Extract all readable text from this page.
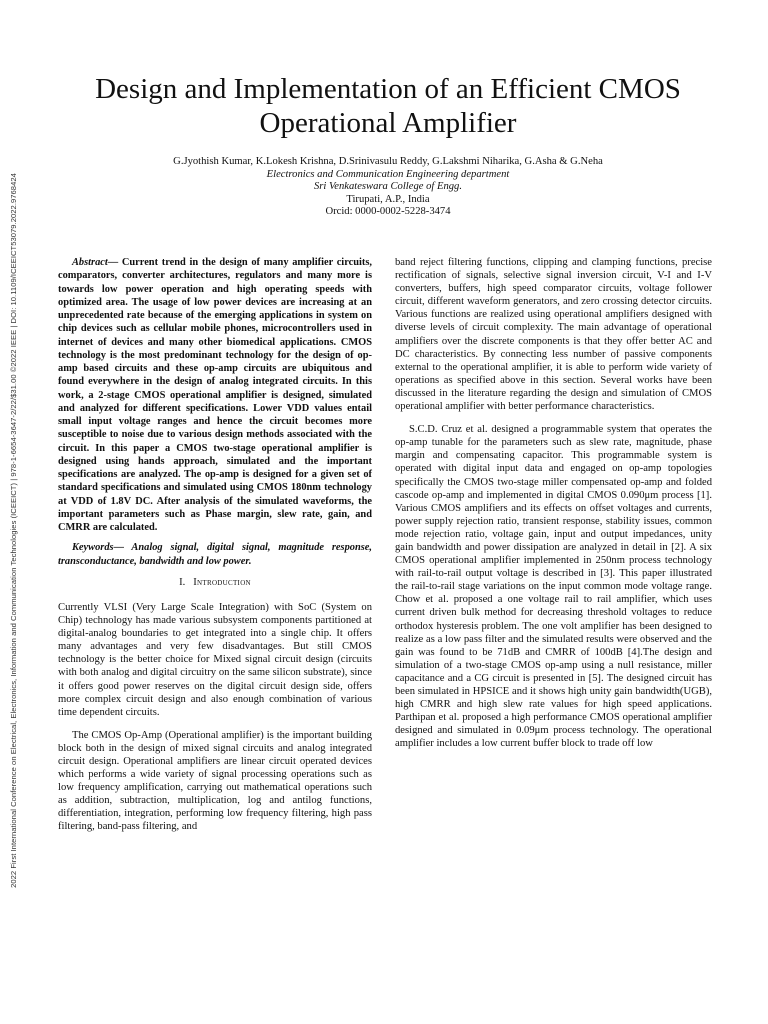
2022 First International Conference on Electrical, Electronics, Information and Communication Technologies (ICEEICT) | 978-1-6654-3647-2/22/$31.00 ©2022 IEEE | DOI: 10.1109/ICEEICT53079.2022.9768424
Design and Implementation of an Efficient CMOS
Operational Amplifier
G.Jyothish Kumar, K.Lokesh Krishna, D.Srinivasulu Reddy, G.Lakshmi Niharika, G.Asha & G.Neha
Electronics and Communication Engineering department
Sri Venkateswara College of Engg.
Tirupati, A.P., India
Orcid: 0000-0002-5228-3474

Abstract— Current trend in the design of many amplifier circuits, comparators, converter architectures, regulators and many more is towards low power operation and high operating speeds with optimized area. The usage of low power devices are increasing at an unprecedented rate because of the emerging applications in system on chip devices such as cellular mobile phones, microcontrollers used in internet of devices and many other biomedical applications. CMOS technology is the most predominant technology for the design of op-amp based circuits and these op-amp circuits are ubiquitous and found everywhere in the design of analog integrated circuits. In this work, a 2-stage CMOS operational amplifier is designed, simulated and analyzed for different specifications. Lower VDD values entail small input voltage ranges and hence the circuit becomes more susceptible to noise due to various design methods associated with the circuit. In this paper a CMOS two-stage operational amplifier is designed using hands approach, simulated and the important specifications are analyzed. The op-amp is designed for a given set of standard specifications and simulated using CMOS 180nm technology at VDD of 1.8V DC. After analysis of the simulated waveforms, the important parameters such as Phase margin, slew rate, gain, and CMRR are calculated.

Keywords— Analog signal, digital signal, magnitude response, transconductance, bandwidth and low power.

I. Introduction

Currently VLSI (Very Large Scale Integration) with SoC (System on Chip) technology has made various subsystem components partitioned at digital-analog boundaries to get integrated into a single chip. It offers many advantages and very few disadvantages. But still CMOS technology is the better choice for Mixed signal circuit design (circuits with both analog and digital circuitry on the same silicon substrate), since it offers good power reserves on the digital circuit design side, offers more complex circuit design and also enough combination of various time dependent circuits.

The CMOS Op-Amp (Operational amplifier) is the important building block both in the design of mixed signal circuits and analog integrated circuit design. Operational amplifiers are linear circuit operated devices which performs a wide variety of signal processing operations such as low frequency amplification, carrying out mathematical operations such as addition, subtraction, multiplication, log and antilog functions, differentiation, integration, performing low frequency filtering, high pass filtering, band-pass filtering, and

band reject filtering functions, clipping and clamping functions, precise rectification of signals, selective signal inversion circuit, V-I and I-V converters, buffers, high speed comparator circuits, voltage follower circuit, different waveform generators, and zero crossing detector circuits. Various functions are realized using operational amplifiers designed with diverse levels of circuit complexity. The main advantage of operational amplifiers over the discrete components is that they offer better AC and DC characteristics. By connecting less number of passive components external to the operational amplifier, it is able to perform wide variety of operations as specified above in this section. Several works have been discussed in the literature regarding the design and simulation of CMOS operational amplifier with better performance characteristics.

S.C.D. Cruz et al. designed a programmable system that operates the op-amp tunable for the parameters such as slew rate, magnitude, phase margin and compensating capacitor. This programmable system is operated with digital input data and engaged on op-amp topologies specifically the CMOS two-stage miller compensated op-amp and folded cascode op-amp and implemented in digital CMOS 0.090μm process [1]. Various CMOS amplifiers and its effects on offset voltages and currents, power supply rejection ratio, transient response, stability issues, common mode rejection ratio, voltage gain, input and output impedances, unity gain bandwidth and power dissipation are analyzed in detail in [2]. A six CMOS operational amplifier implemented in 250nm process technology with rail-to-rail output voltage is described in [3]. This paper illustrated the rail-to-rail stage variations on the input common mode voltage range. Chow et al. proposed a one voltage rail to rail amplifier, which uses current driven bulk method for decreasing threshold voltages to reduce orthodox hysteresis problem. The one volt amplifier has been designed to realize as a low pass filter and the simulated results were observed and the gain was found to be 71dB and CMRR of 100dB [4].The design and simulation of a two-stage CMOS op-amp using a null resistance, miller capacitance and a CG circuit is presented in [5]. The designed circuit has been simulated in HPSICE and it shows high unity gain bandwidth(UGB), high CMRR and high slew rate values for high speed applications. Parthipan et al. proposed a high performance CMOS operational amplifier designed and simulated in 0.09μm process technology. The operational amplifier includes a low current buffer block to trade off low
